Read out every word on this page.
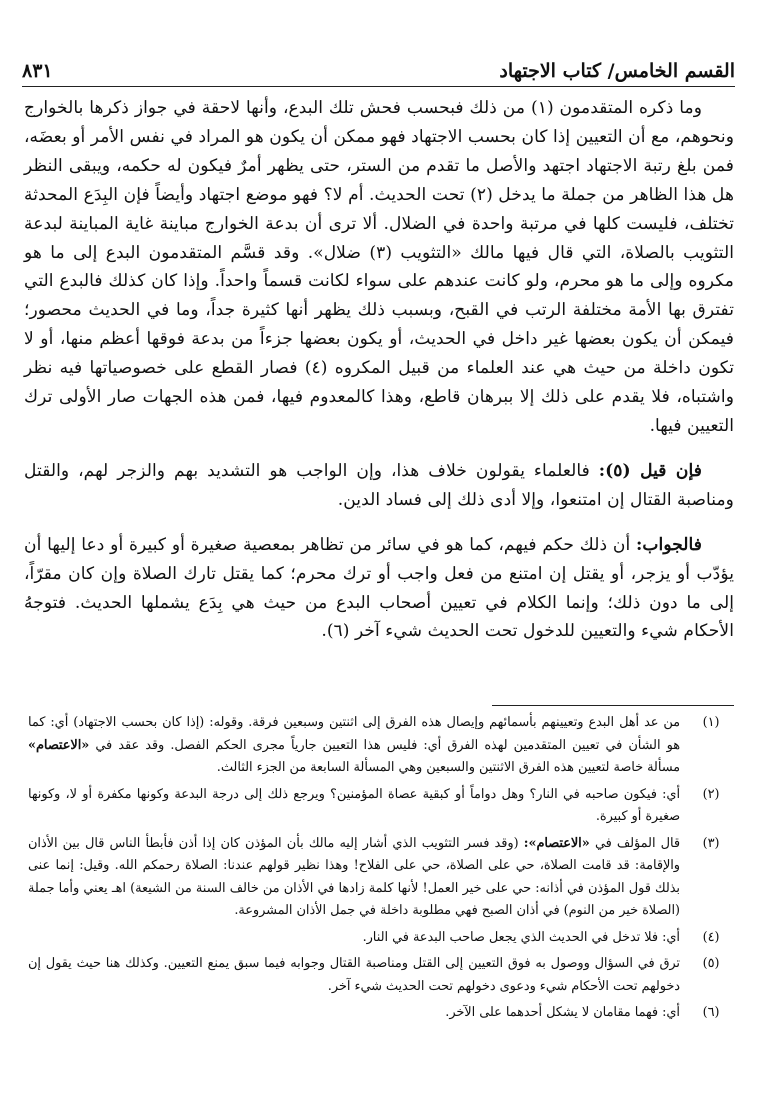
القسم الخامس/ كتاب الاجتهاد
٨٣١

وما ذكره المتقدمون (١) من ذلك فبحسب فحش تلك البدع، وأنها لاحقة في جواز ذكرها بالخوارج ونحوهم، مع أن التعيين إذا كان بحسب الاجتهاد فهو ممكن أن يكون هو المراد في نفس الأمر أو بعضَه، فمن بلغ رتبة الاجتهاد اجتهد والأصل ما تقدم من الستر، حتى يظهر أمرٌ فيكون له حكمه، ويبقى النظر هل هذا الظاهر من جملة ما يدخل (٢) تحت الحديث. أم لا؟ فهو موضع اجتهاد وأيضاً فإن البِدَع المحدثة تختلف، فليست كلها في مرتبة واحدة في الضلال. ألا ترى أن بدعة الخوارج مباينة غاية المباينة لبدعة التثويب بالصلاة، التي قال فيها مالك «التثويب (٣) ضلال». وقد قسَّم المتقدمون البدع إلى ما هو مكروه وإلى ما هو محرم، ولو كانت عندهم على سواء لكانت قسماً واحداً. وإذا كان كذلك فالبدع التي تفترق بها الأمة مختلفة الرتب في القبح، وبسبب ذلك يظهر أنها كثيرة جداً، وما في الحديث محصور؛ فيمكن أن يكون بعضها غير داخل في الحديث، أو يكون بعضها جزءاً من بدعة فوقها أعظم منها، أو لا تكون داخلة من حيث هي عند العلماء من قبيل المكروه (٤) فصار القطع على خصوصياتها فيه نظر واشتباه، فلا يقدم على ذلك إلا ببرهان قاطع، وهذا كالمعدوم فيها، فمن هذه الجهات صار الأولى ترك التعيين فيها.

فإن قيل (٥): فالعلماء يقولون خلاف هذا، وإن الواجب هو التشديد بهم والزجر لهم، والقتل ومناصبة القتال إن امتنعوا، وإلا أدى ذلك إلى فساد الدين.

فالجواب: أن ذلك حكم فيهم، كما هو في سائر من تظاهر بمعصية صغيرة أو كبيرة أو دعا إليها أن يؤدّب أو يزجر، أو يقتل إن امتنع من فعل واجب أو ترك محرم؛ كما يقتل تارك الصلاة وإن كان مقرّاً، إلى ما دون ذلك؛ وإنما الكلام في تعيين أصحاب البدع من حيث هي بِدَع يشملها الحديث. فتوجهُ الأحكام شيء والتعيين للدخول تحت الحديث شيء آخر (٦).

(١)
من عد أهل البدع وتعيينهم بأسمائهم وإيصال هذه الفرق إلى اثنتين وسبعين فرقة. وقوله: (إذا كان بحسب الاجتهاد) أي: كما هو الشأن في تعيين المتقدمين لهذه الفرق أي: فليس هذا التعيين جارياً مجرى الحكم الفصل. وقد عقد في «الاعتصام» مسألة خاصة لتعيين هذه الفرق الاثنتين والسبعين وهي المسألة السابعة من الجزء الثالث.
(٢)
أي: فيكون صاحبه في النار؟ وهل دواماً أو كبقية عصاة المؤمنين؟ ويرجع ذلك إلى درجة البدعة وكونها مكفرة أو لا، وكونها صغيرة أو كبيرة.
(٣)
قال المؤلف في «الاعتصام»: (وقد فسر التثويب الذي أشار إليه مالك بأن المؤذن كان إذا أذن فأبطأ الناس قال بين الأذان والإقامة: قد قامت الصلاة، حي على الصلاة، حي على الفلاح! وهذا نظير قولهم عندنا: الصلاة رحمكم الله. وقيل: إنما عنى بذلك قول المؤذن في أذانه: حي على خير العمل! لأنها كلمة زادها في الأذان من خالف السنة من الشيعة) اهـ يعني وأما جملة (الصلاة خير من النوم) في أذان الصبح فهي مطلوبة داخلة في جمل الأذان المشروعة.
(٤)
أي: فلا تدخل في الحديث الذي يجعل صاحب البدعة في النار.
(٥)
ترق في السؤال ووصول به فوق التعيين إلى القتل ومناصبة القتال وجوابه فيما سبق يمنع التعيين. وكذلك هنا حيث يقول إن دخولهم تحت الأحكام شيء ودعوى دخولهم تحت الحديث شيء آخر.
(٦)
أي: فهما مقامان لا يشكل أحدهما على الآخر.
